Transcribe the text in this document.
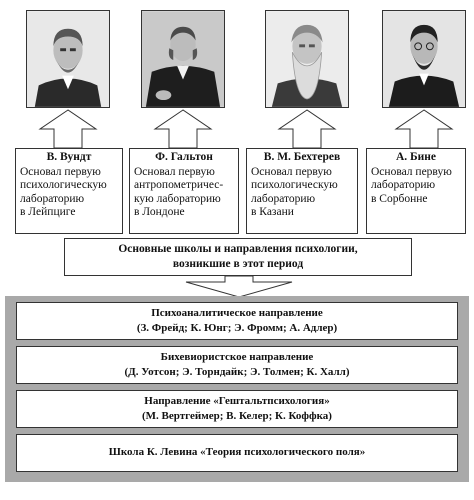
В. Вундт
Основал первую
психологическую
лабораторию
в Лейпциге
Ф. Гальтон
Основал первую
антропометричес-
кую лабораторию
в Лондоне
В. М. Бехтерев
Основал первую
психологическую
лабораторию
в Казани
А. Бине
Основал первую
лабораторию
в Сорбонне
Основные школы и направления психологии,
возникшие в этот период
Психоаналитическое направление
(З. Фрейд; К. Юнг; Э. Фромм; А. Адлер)
Бихевиористское направление
(Д. Уотсон; Э. Торндайк; Э. Толмен; К. Халл)
Направление «Гештальтпсихология»
(М. Вертгеймер; В. Келер; К. Коффка)
Школа К. Левина «Теория психологического поля»
